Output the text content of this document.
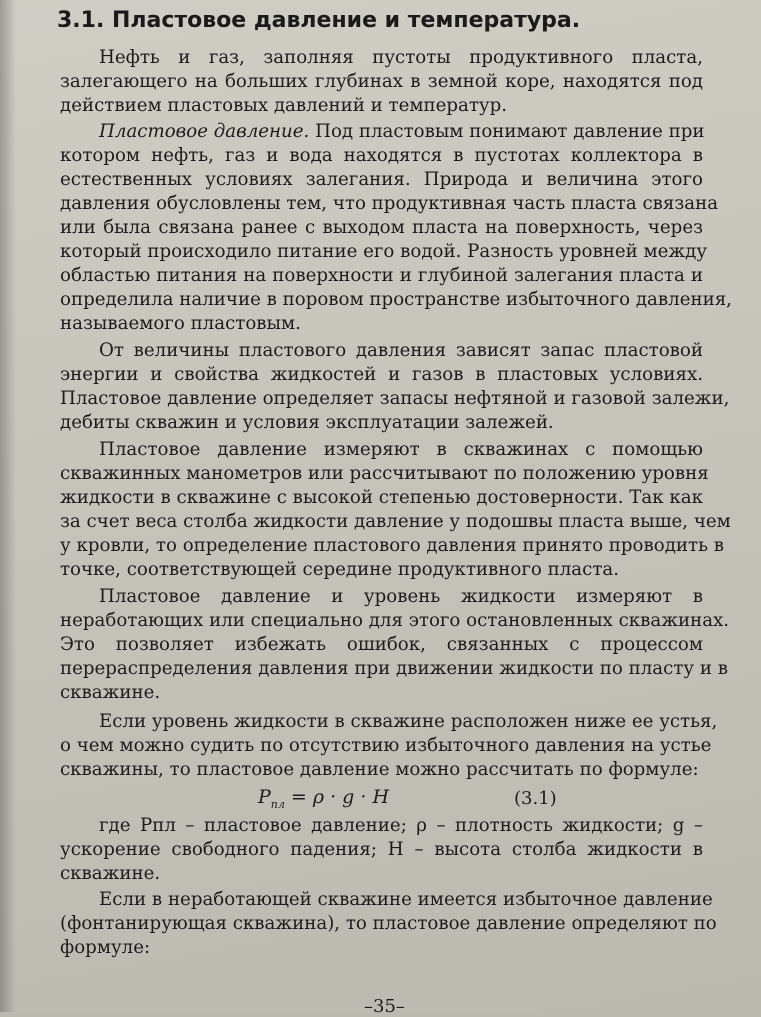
3.1. Пластовое давление и температура.

Нефть и газ, заполняя пустоты продуктивного пласта,

залегающего на больших глубинах в земной коре, находятся под

действием пластовых давлений и температур.

Пластовое давление. Под пластовым понимают давление при

котором нефть, газ и вода находятся в пустотах коллектора в

естественных условиях залегания. Природа и величина этого

давления обусловлены тем, что продуктивная часть пласта связана

или была связана ранее с выходом пласта на поверхность, через

который происходило питание его водой. Разность уровней между

областью питания на поверхности и глубиной залегания пласта и

определила наличие в поровом пространстве избыточного давления,

называемого пластовым.

От величины пластового давления зависят запас пластовой

энергии и свойства жидкостей и газов в пластовых условиях.

Пластовое давление определяет запасы нефтяной и газовой залежи,

дебиты скважин и условия эксплуатации залежей.

Пластовое давление измеряют в скважинах с помощью

скважинных манометров или рассчитывают по положению уровня

жидкости в скважине с высокой степенью достоверности. Так как

за счет веса столба жидкости давление у подошвы пласта выше, чем

у кровли, то определение пластового давления принято проводить в

точке, соответствующей середине продуктивного пласта.

Пластовое давление и уровень жидкости измеряют в

неработающих или специально для этого остановленных скважинах.

Это позволяет избежать ошибок, связанных с процессом

перераспределения давления при движении жидкости по пласту и в

скважине.

Если уровень жидкости в скважине расположен ниже ее устья,

о чем можно судить по отсутствию избыточного давления на устье

скважины, то пластовое давление можно рассчитать по формуле:

$P_{пл} = \rho \cdot g \cdot H$	(3.1)

где Pпл – пластовое давление; ρ – плотность жидкости; g –

ускорение свободного падения; H – высота столба жидкости в

скважине.

Если в неработающей скважине имеется избыточное давление

(фонтанирующая скважина), то пластовое давление определяют по

формуле:

–35–
